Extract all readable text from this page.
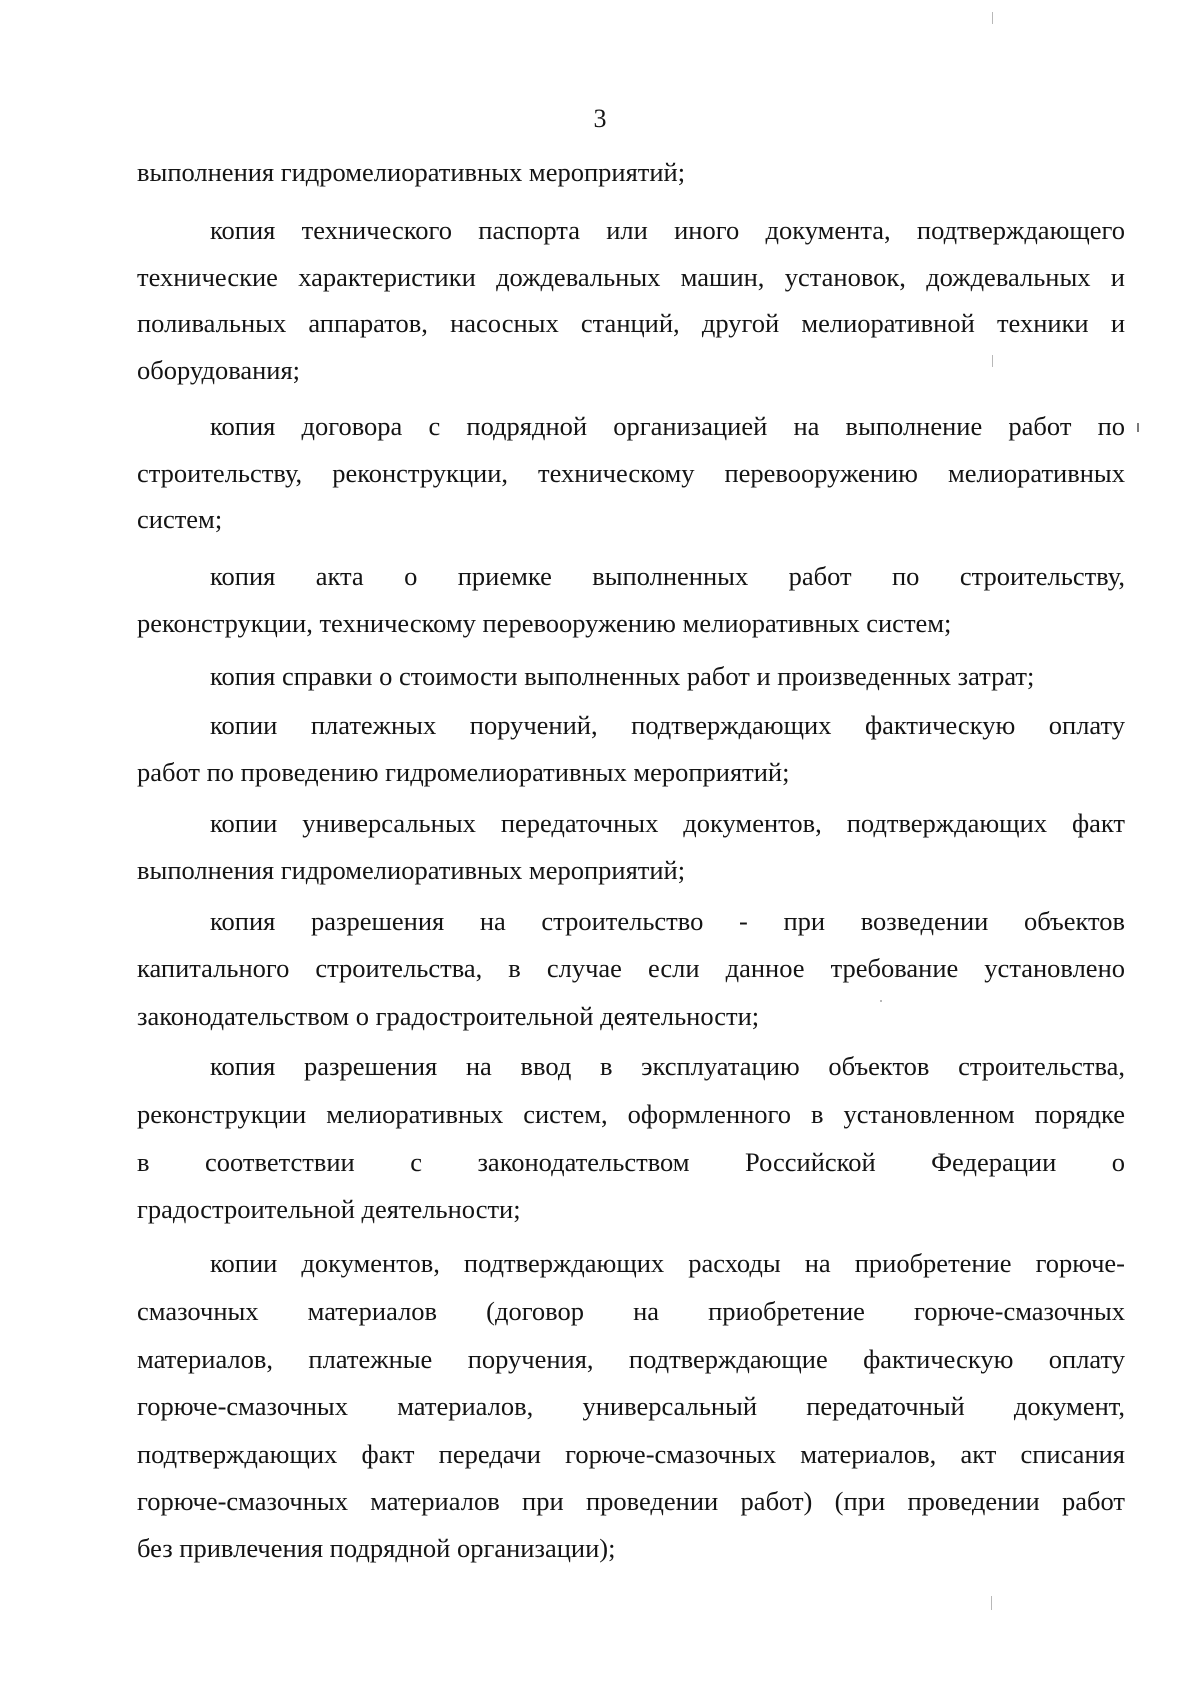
3
выполнения гидромелиоративных мероприятий;
копия технического паспорта или иного документа, подтверждающего
технические характеристики дождевальных машин, установок, дождевальных и
поливальных аппаратов, насосных станций, другой мелиоративной техники и
оборудования;
копия договора с подрядной организацией на выполнение работ по
строительству, реконструкции, техническому перевооружению мелиоративных
систем;
копия акта о приемке выполненных работ по строительству,
реконструкции, техническому перевооружению мелиоративных систем;
копия справки о стоимости выполненных работ и произведенных затрат;
копии платежных поручений, подтверждающих фактическую оплату
работ по проведению гидромелиоративных мероприятий;
копии универсальных передаточных документов, подтверждающих факт
выполнения гидромелиоративных мероприятий;
копия разрешения на строительство - при возведении объектов
капитального строительства, в случае если данное требование установлено
законодательством о градостроительной деятельности;
копия разрешения на ввод в эксплуатацию объектов строительства,
реконструкции мелиоративных систем, оформленного в установленном порядке
в соответствии с законодательством Российской Федерации о
градостроительной деятельности;
копии документов, подтверждающих расходы на приобретение горюче-
смазочных материалов (договор на приобретение горюче-смазочных
материалов, платежные поручения, подтверждающие фактическую оплату
горюче-смазочных материалов, универсальный передаточный документ,
подтверждающих факт передачи горюче-смазочных материалов, акт списания
горюче-смазочных материалов при проведении работ) (при проведении работ
без привлечения подрядной организации);
